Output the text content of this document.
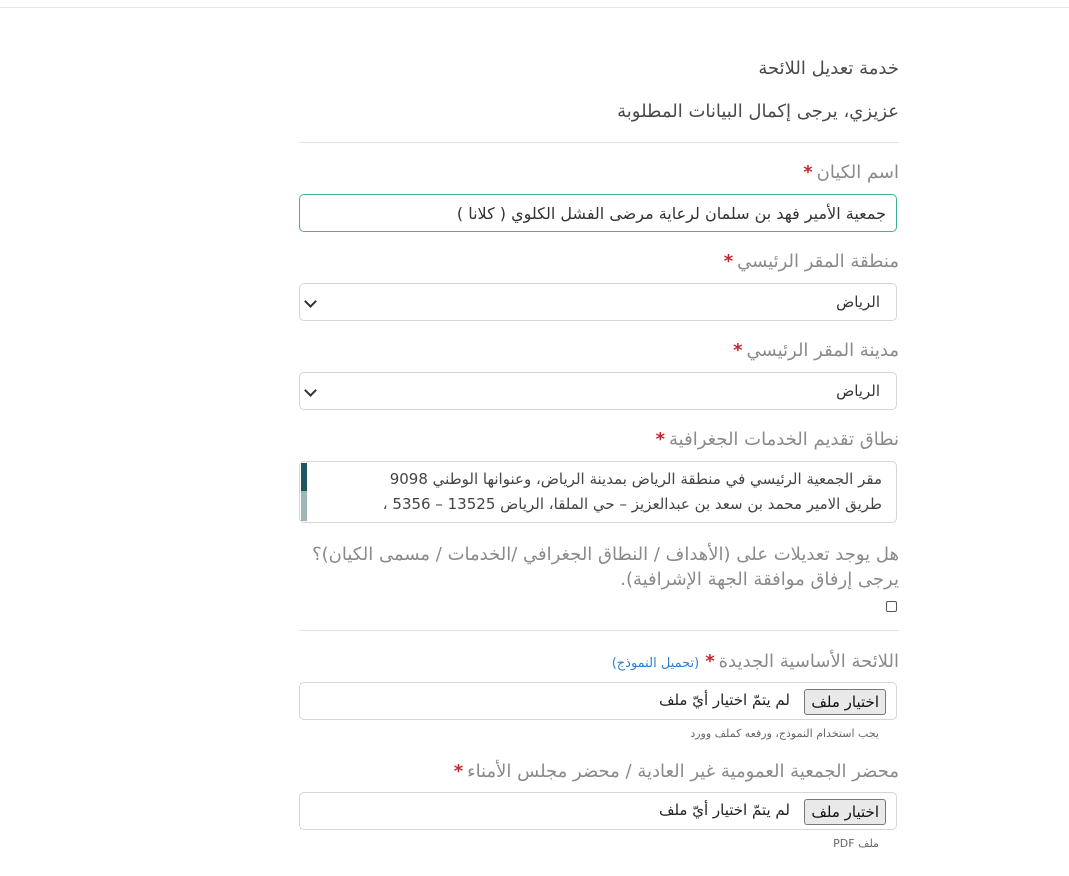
خدمة تعديل اللائحة
عزيزي، يرجى إكمال البيانات المطلوبة
اسم الكيان*
جمعية الأمير فهد بن سلمان لرعاية مرضى الفشل الكلوي ( كلانا )
منطقة المقر الرئيسي*
الرياض
مدينة المقر الرئيسي*
الرياض
نطاق تقديم الخدمات الجغرافية*
مقر الجمعية الرئيسي في منطقة الرياض بمدينة الرياض، وعنوانها الوطني 9098
طريق الامير محمد بن سعد بن عبدالعزيز – حي الملقا، الرياض 13525 – 5356 ،
هل يوجد تعديلات على (الأهداف / النطاق الجغرافي /الخدمات / مسمى الكيان)؟ يرجى إرفاق موافقة الجهة الإشرافية).
اللائحة الأساسية الجديدة*(تحميل النموذج)
اختيار ملف
لم يتمّ اختيار أيّ ملف
يجب استخدام النموذج، ورفعه كملف وورد
محضر الجمعية العمومية غير العادية / محضر مجلس الأمناء*
اختيار ملف
لم يتمّ اختيار أيّ ملف
ملف PDF
